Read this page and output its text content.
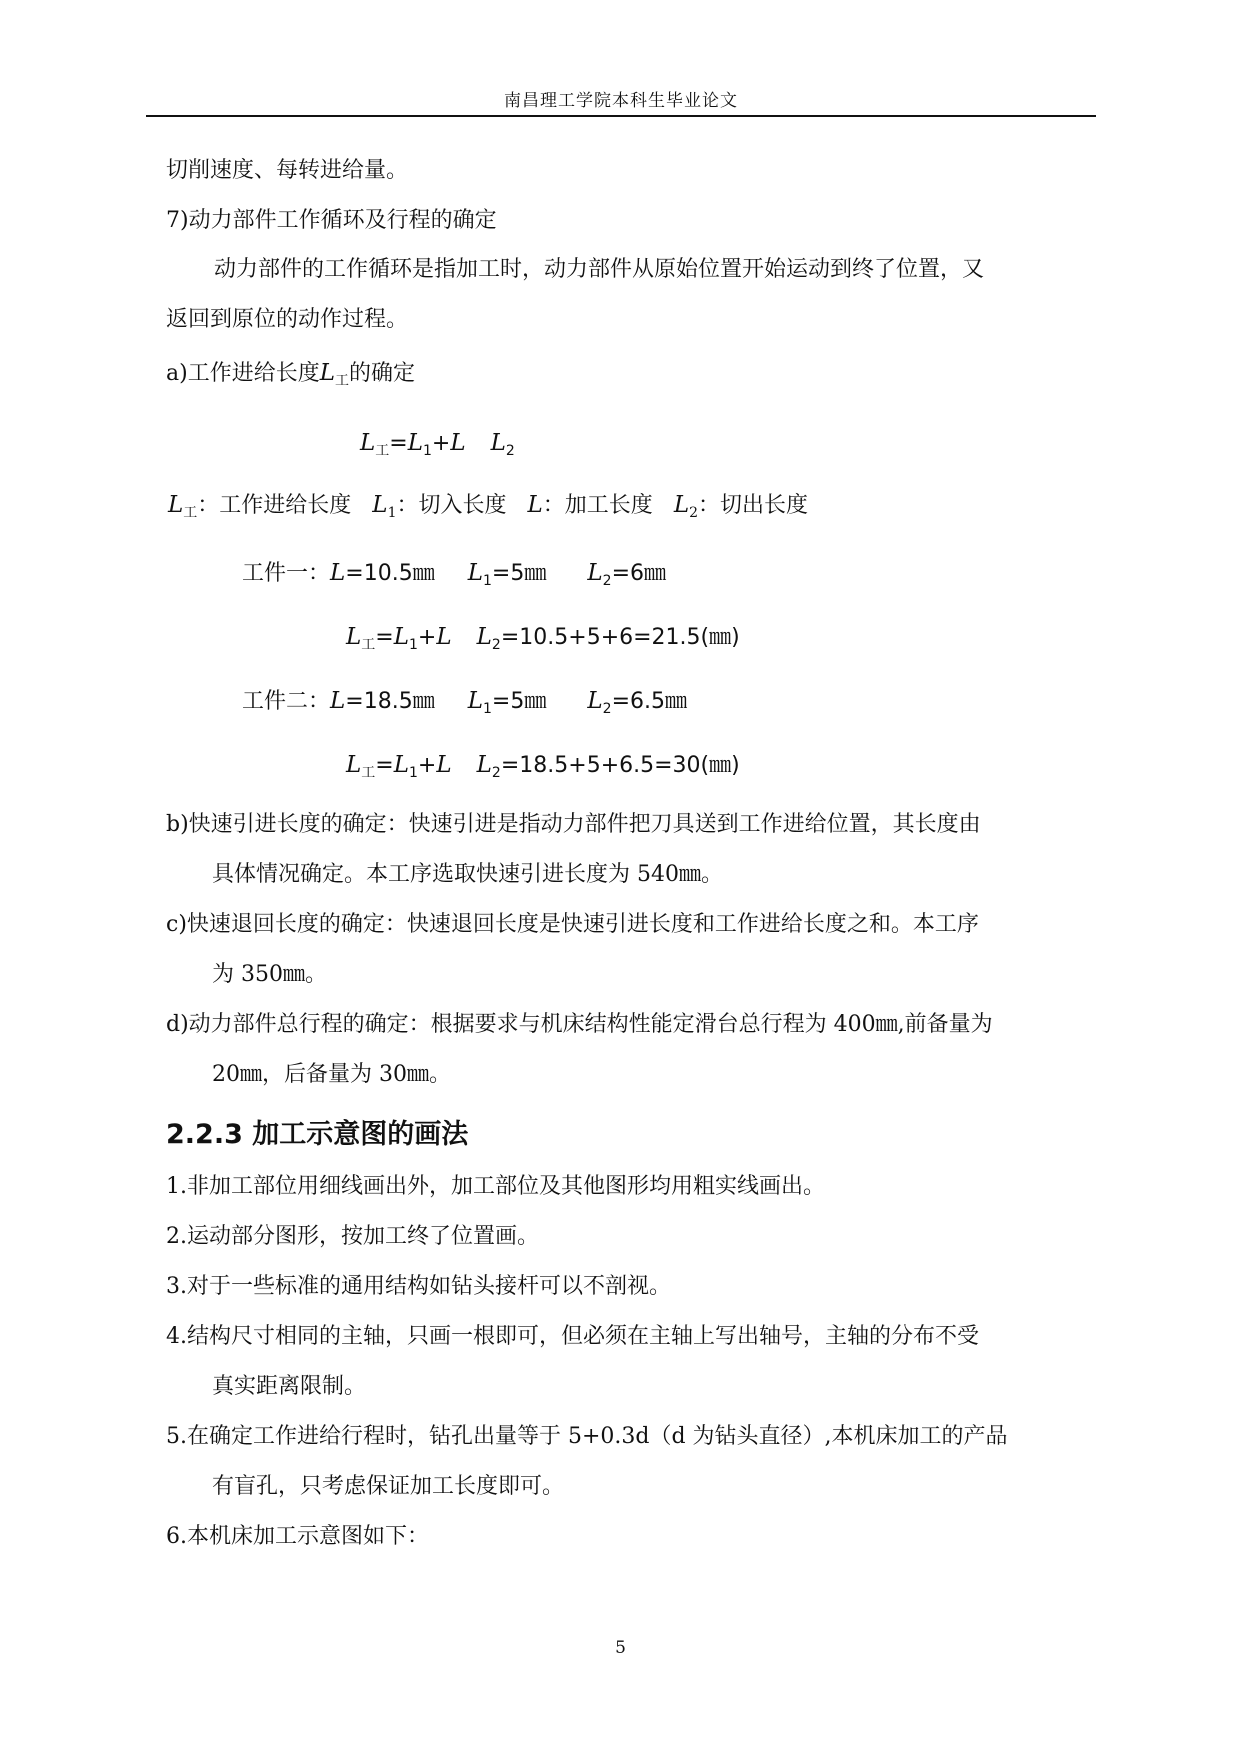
南昌理工学院本科生毕业论文
切削速度、每转进给量。
7)动力部件工作循环及行程的确定
动力部件的工作循环是指加工时，动力部件从原始位置开始运动到终了位置，又
返回到原位的动作过程。
a)工作进给长度$L_工$的确定
$L_工=L_1+L$ $L_2$
$L_工$：工作进给长度 $L_1$：切入长度 L：加工长度 $L_2$：切出长度
工件一：L=10.5㎜ $L_1=5㎜$ $L_2=6㎜$
$L_工=L_1+L$ $L_2=10.5+5+6=21.5(㎜)$
工件二：L=18.5㎜ $L_1=5㎜$ $L_2=6.5㎜$
$L_工=L_1+L$ $L_2=18.5+5+6.5=30(㎜)$
b)快速引进长度的确定：快速引进是指动力部件把刀具送到工作进给位置，其长度由
具体情况确定。本工序选取快速引进长度为 540㎜。
c)快速退回长度的确定：快速退回长度是快速引进长度和工作进给长度之和。本工序
为 350㎜。
d)动力部件总行程的确定：根据要求与机床结构性能定滑台总行程为 400㎜,前备量为
20㎜，后备量为 30㎜。
2.2.3 加工示意图的画法
1.非加工部位用细线画出外，加工部位及其他图形均用粗实线画出。
2.运动部分图形，按加工终了位置画。
3.对于一些标准的通用结构如钻头接杆可以不剖视。
4.结构尺寸相同的主轴，只画一根即可，但必须在主轴上写出轴号，主轴的分布不受
真实距离限制。
5.在确定工作进给行程时，钻孔出量等于 5+0.3d（d 为钻头直径）,本机床加工的产品
有盲孔，只考虑保证加工长度即可。
6.本机床加工示意图如下：
5
